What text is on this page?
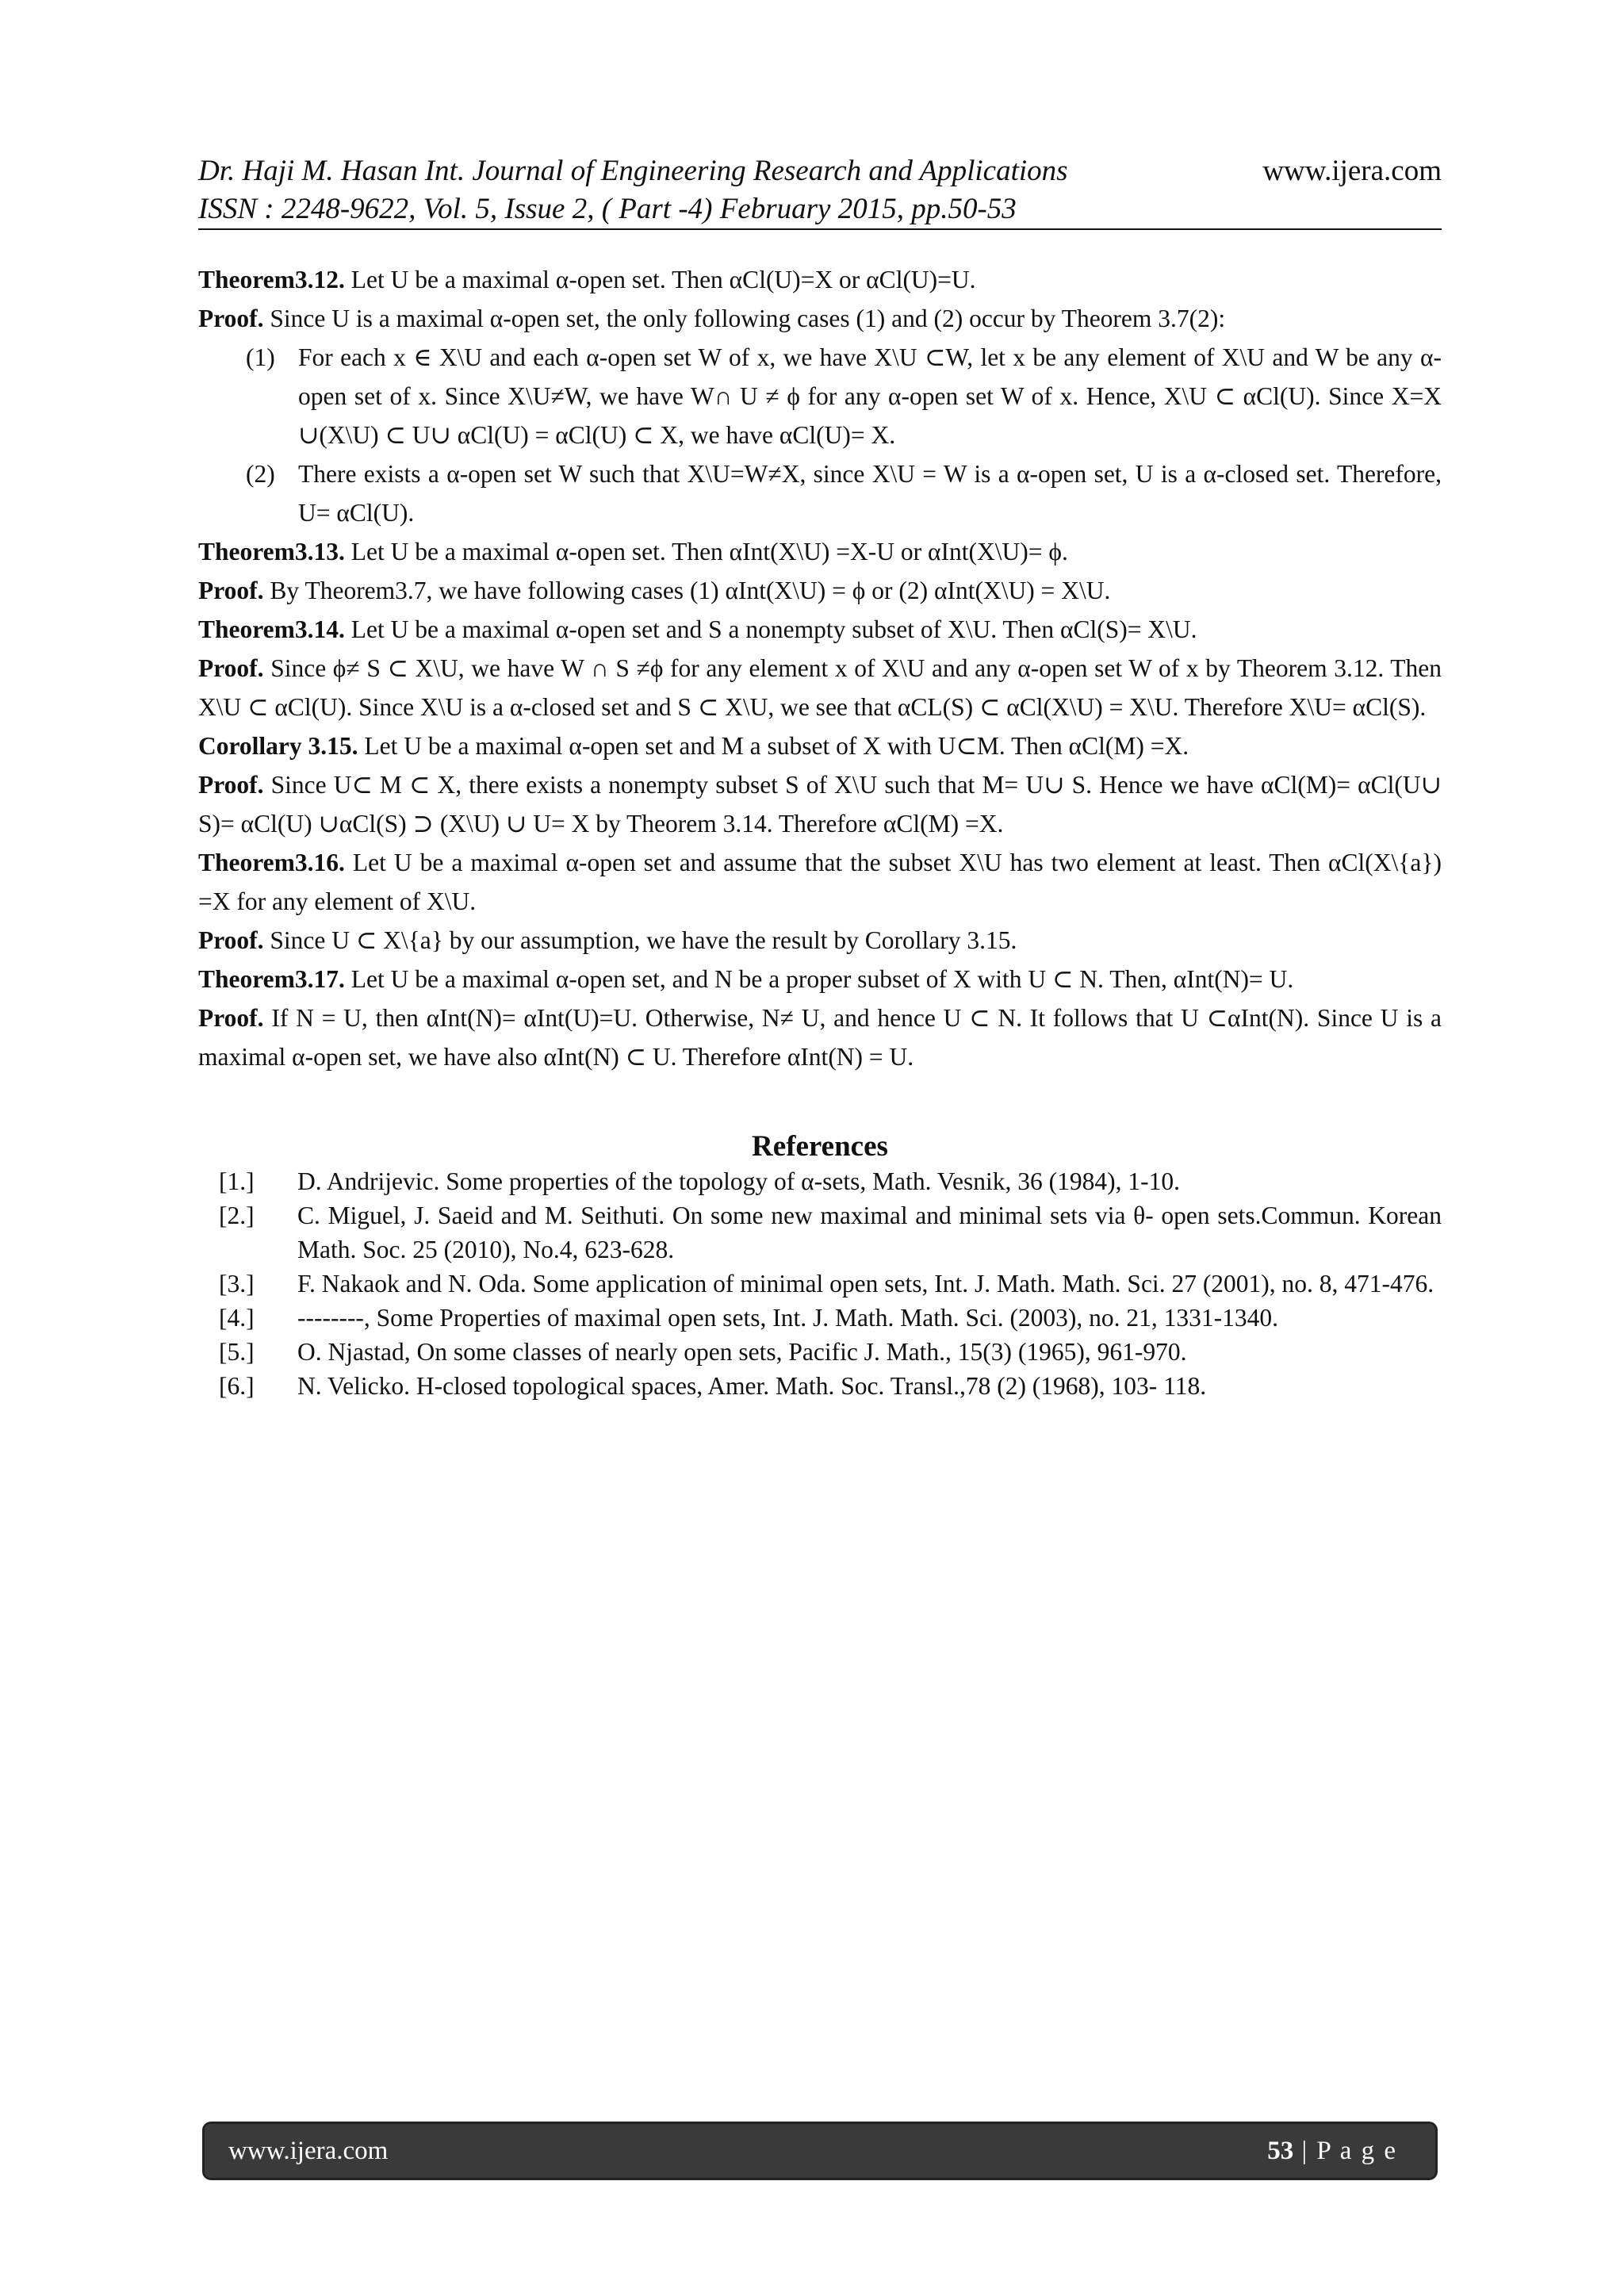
Dr. Haji M. Hasan Int. Journal of Engineering Research and Applications	www.ijera.com
ISSN : 2248-9622, Vol. 5, Issue 2, ( Part -4) February 2015, pp.50-53

Theorem3.12. Let U be a maximal α-open set. Then αCl(U)=X or αCl(U)=U.

Proof. Since U is a maximal α-open set, the only following cases (1) and (2) occur by Theorem 3.7(2):

(1) For each x ∈ X\U and each α-open set W of x, we have X\U ⊂W, let x be any element of X\U and W be any α-open set of x. Since X\U≠W, we have W∩ U ≠ ϕ for any α-open set W of x. Hence, X\U ⊂ αCl(U). Since X=X ∪(X\U) ⊂ U∪ αCl(U) = αCl(U) ⊂ X, we have αCl(U)= X.
(2) There exists a α-open set W such that X\U=W≠X, since X\U = W is a α-open set, U is a α-closed set. Therefore, U= αCl(U).

Theorem3.13. Let U be a maximal α-open set. Then αInt(X\U) =X-U or αInt(X\U)= ϕ.

Proof. By Theorem3.7, we have following cases (1) αInt(X\U) = ϕ or (2) αInt(X\U) = X\U.

Theorem3.14. Let U be a maximal α-open set and S a nonempty subset of X\U. Then αCl(S)= X\U.

Proof. Since ϕ≠ S ⊂ X\U, we have W ∩ S ≠ϕ for any element x of X\U and any α-open set W of x by Theorem 3.12. Then X\U ⊂ αCl(U). Since X\U is a α-closed set and S ⊂ X\U, we see that αCL(S) ⊂ αCl(X\U) = X\U. Therefore X\U= αCl(S).

Corollary 3.15. Let U be a maximal α-open set and M a subset of X with U⊂M. Then αCl(M) =X.

Proof. Since U⊂ M ⊂ X, there exists a nonempty subset S of X\U such that M= U∪ S. Hence we have αCl(M)= αCl(U∪ S)= αCl(U) ∪αCl(S) ⊃ (X\U) ∪ U= X by Theorem 3.14. Therefore αCl(M) =X.

Theorem3.16. Let U be a maximal α-open set and assume that the subset X\U has two element at least. Then αCl(X\{a}) =X for any element of X\U.

Proof. Since U ⊂ X\{a} by our assumption, we have the result by Corollary 3.15.

Theorem3.17. Let U be a maximal α-open set, and N be a proper subset of X with U ⊂ N. Then, αInt(N)= U.

Proof. If N = U, then αInt(N)= αInt(U)=U. Otherwise, N≠ U, and hence U ⊂ N. It follows that U ⊂αInt(N). Since U is a maximal α-open set, we have also αInt(N) ⊂ U. Therefore αInt(N) = U.

References
[1.]	D. Andrijevic. Some properties of the topology of α-sets, Math. Vesnik, 36 (1984), 1-10.
[2.]	C. Miguel, J. Saeid and M. Seithuti. On some new maximal and minimal sets via θ- open sets.Commun. Korean Math. Soc. 25 (2010), No.4, 623-628.
[3.]	F. Nakaok and N. Oda. Some application of minimal open sets, Int. J. Math. Math. Sci. 27 (2001), no. 8, 471-476.
[4.]	--------, Some Properties of maximal open sets, Int. J. Math. Math. Sci. (2003), no. 21, 1331-1340.
[5.]	O. Njastad, On some classes of nearly open sets, Pacific J. Math., 15(3) (1965), 961-970.
[6.]	N. Velicko. H-closed topological spaces, Amer. Math. Soc. Transl.,78 (2) (1968), 103- 118.
www.ijera.com	53 | P a g e
